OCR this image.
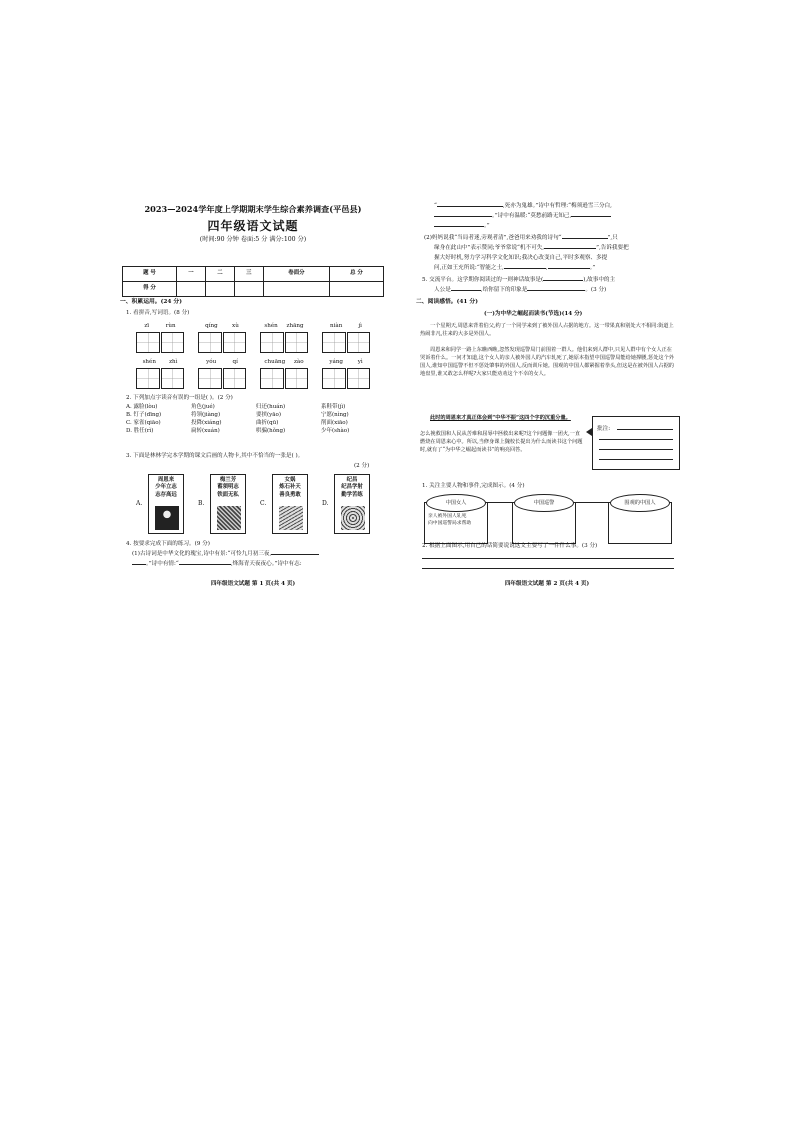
2023—2024学年度上学期期末学生综合素养调查(平邑县)
四年级语文试题
(时间:90 分钟 卷面:5 分 满分:100 分)
题 号	一	二	三	卷面分	总 分
得 分					
一、积累运用。(24 分)
1. 看拼音,写词语。(8 分)
zī	rùn	qíng	xù	shén zhāng	niàn	jì
shén zhì	yóu	qí	chuāng zào	yáng	yì
2. 下列加点字读音有误的一组是( )。(2 分)
A. 露脸(lòu)	角色(jué)	归还(huán)	系鞋带(jì)
B. 钉子(dīng)	将领(jiàng)	要挟(yāo)	宁愿(nìng)
C. 家雀(qiāo)	投降(xiáng)	曲折(qū)	削面(xiāo)
D. 胜任(rì)	扁转(xuán)	哄骗(hǒng)	少年(shào)
3. 下面是林林学完本学期的课文后画的人物卡,其中不恰当的一张是( )。
(2 分)
A.
周恩来
少年立志
志存高远
B.
梅兰芳
蓄须明志
铁面无私
C.
女娲
炼石补天
善良勇敢
D.
纪昌
纪昌学射
勤学苦练
4. 按要求完成下面的练习。(9 分)
(1)古诗词是中华文化的瑰宝,诗中有景:“可怜九月初三夜,
。”诗中有情:“	,烽海青天夜夜心。”诗中有志:
四年级语文试题 第 1 页(共 4 页)
“	,死亦为鬼雄。”诗中有哲理:“梅须逊雪三分白,
。”诗中有温暖:“莫愁前路无知己,
。”
(2)妈妈说我“当局者迷,旁观者清”,爸爸用来劝我的诗句“	”,只
缘身在此山中”表示赞同;爷爷常说“机不可失,	”,告诉我要把
握大好时机,努力学习科学文化知识;我决心改变自己,平时多观察、多提
问,正如王充所说:“智能之士,	,	。”
5. 交流平台。这学期你阅读过的一则神话故事是(	),故事中的主
人公是	,给你留下的印象是	。(3 分)
二、阅读感悟。(41 分)
(一)为中华之崛起而读书(节选)(14 分)
一个星期天,周恩来背着伯父,约了一个同学来到了被外国人占据的地方。这一带果真和别处大不相同:街道上热闹非凡,往来的大多是外国人。
周恩来和同学一路上东瞧西瞧,忽然发现巡警局门前围着一群人。他们来到人群中,只见人群中有个女人正在哭诉着什么。一问才知道,这个女人的亲人被外国人的汽车轧死了,她原本指望中国巡警局能给她撑腰,惩处这个外国人,谁知中国巡警不但不惩处肇事的外国人,反而训斥她。围观的中国人都紧握着拳头,但这是在被外国人占据的地盘里,谁又敢怎么样呢?大家只能劝劝这个不幸的女人。
此时的周恩来才真正体会到“中华不振”这四个字的沉重分量。
怎么挽救国和人民从苦难和屈辱中拯救出来呢?这个问题像一团火,一直燃烧在周恩来心中。所以,当修身课上魏校长提出为什么而读书这个问题时,就有了“为中华之崛起而读书”的响亮回答。
批注:
1. 关注主要人物和事件,完成图示。(4 分)
中国女人	中国巡警	围观的中国人
亲人被外国人轧死
向中国巡警局求帮助
2. 根据上面图示,用自己的话简要说说这文主要写了一件什么事。(3 分)
四年级语文试题 第 2 页(共 4 页)
